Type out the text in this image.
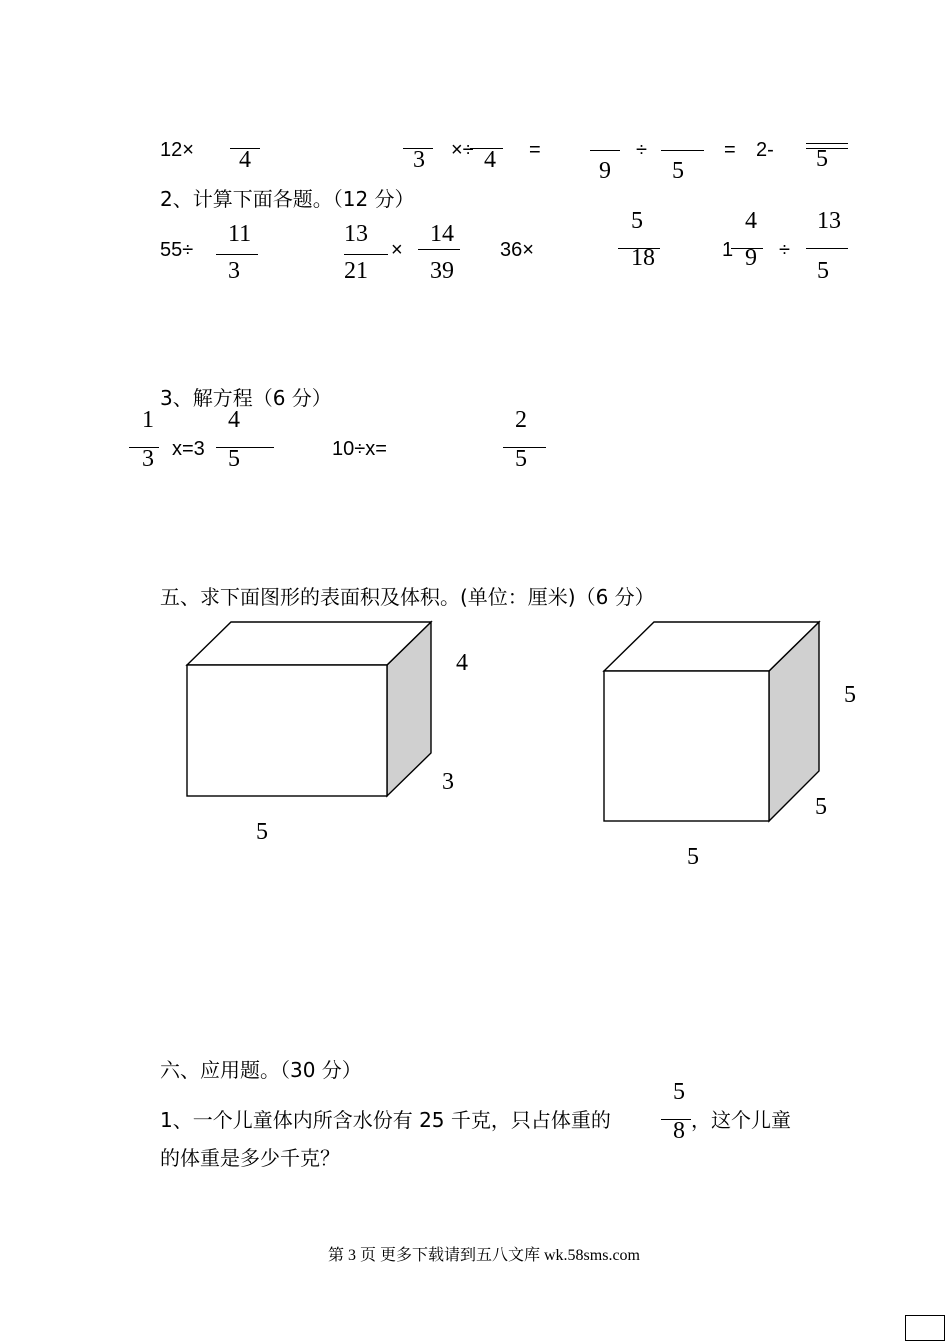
12× 4	3 ×÷ 4 =
9
÷
5
= 2- 5
2、计算下面各题。（12 分）
55÷
11
3
13
21
×
14
39
36×
5
18	1
4
9 ÷
13
5
3、解方程（6 分）
1
3 x=3
4
5	10÷x=
2
5
五、求下面图形的表面积及体积。(单位：厘米)（6 分）
4
3
5
5
5
5
六、应用题。（30 分）
1、一个儿童体内所含水份有 25 千克，只占体重的
5
8 ，这个儿童
的体重是多少千克？
第 3 页 更多下载请到五八文库 wk.58sms.com
